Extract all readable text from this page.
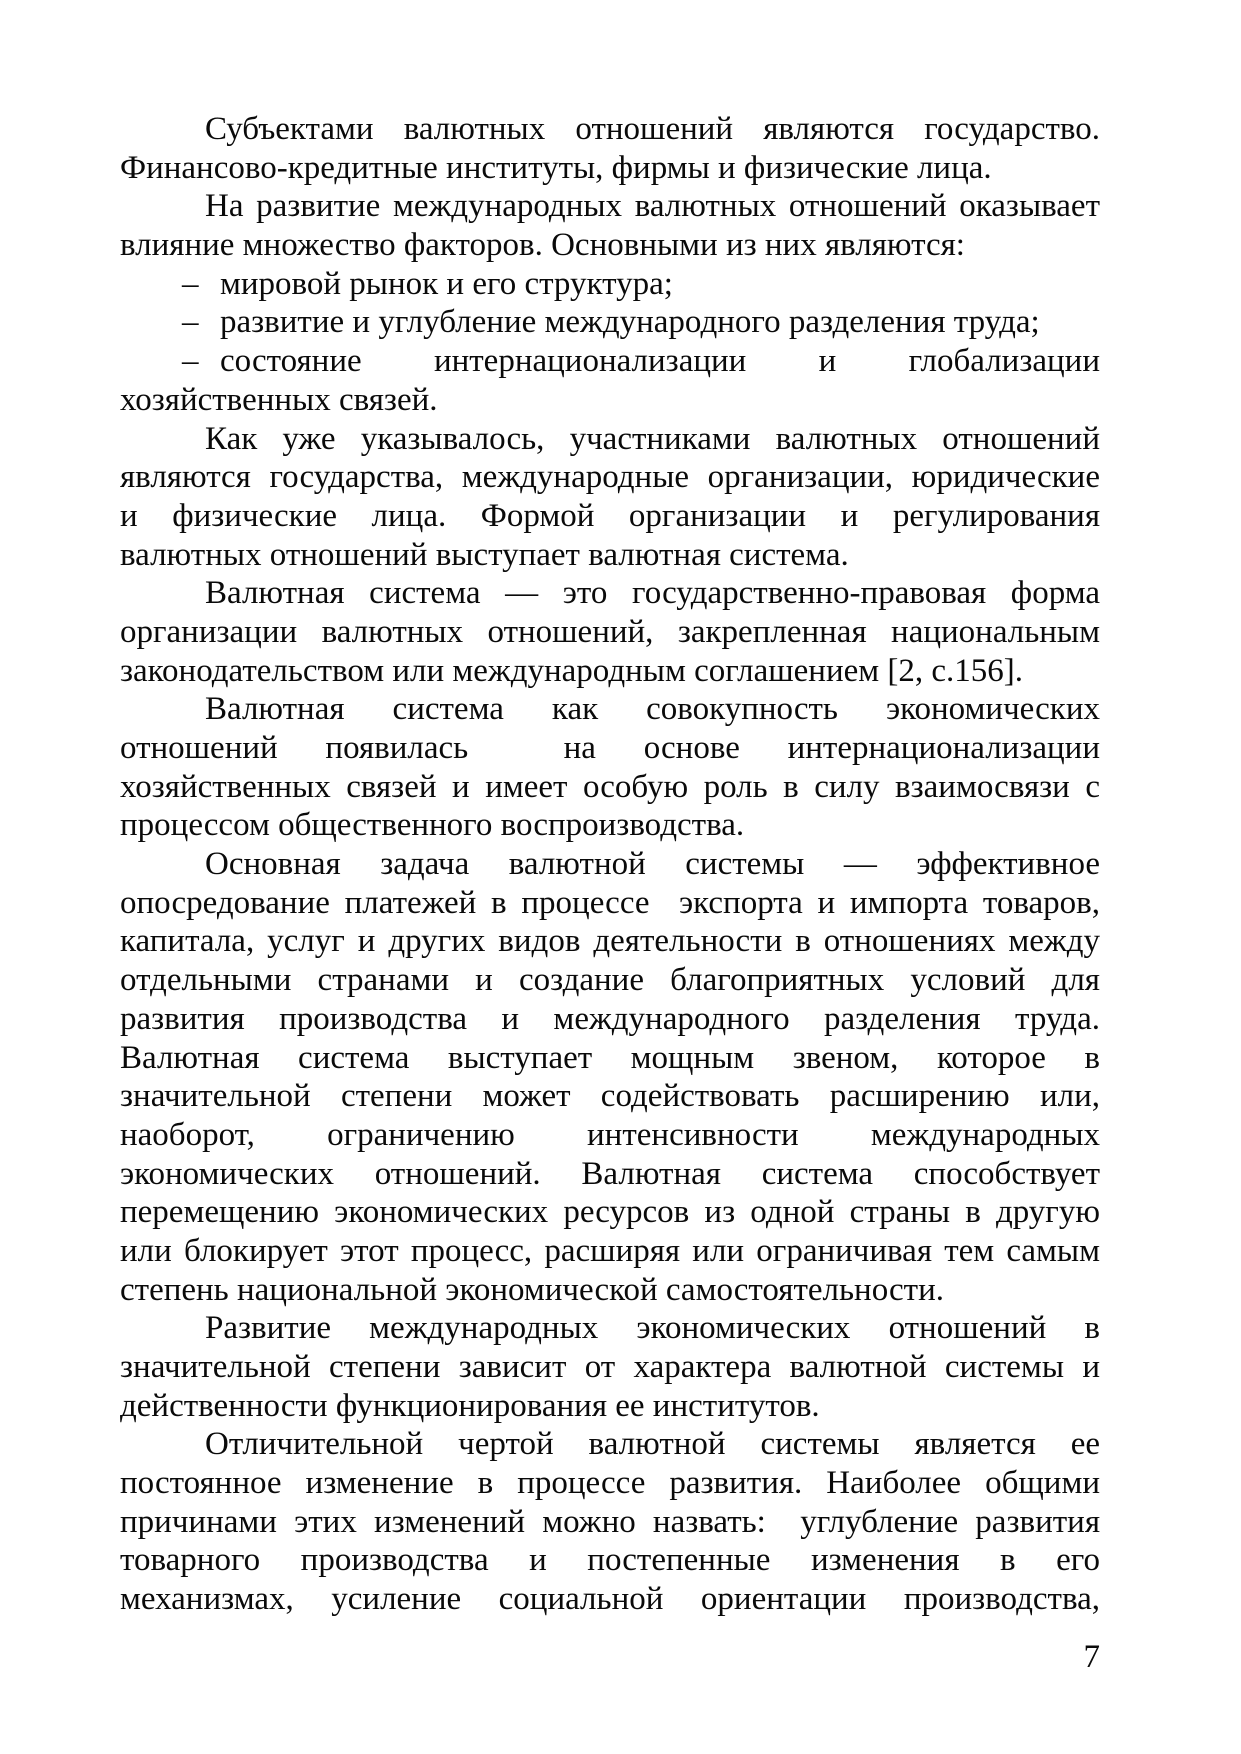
Субъектами валютных отношений являются государство.
Финансово-кредитные институты, фирмы и физические лица.
На развитие международных валютных отношений оказывает
влияние множество факторов. Основными из них являются:
– мировой рынок и его структура;
– развитие и углубление международного разделения труда;
– состояние интернационализации и глобализации
хозяйственных связей.
Как уже указывалось, участниками валютных отношений
являются государства, международные организации, юридические
и физические лица. Формой организации и регулирования
валютных отношений выступает валютная система.
Валютная система — это государственно-правовая форма
организации валютных отношений, закрепленная национальным
законодательством или международным соглашением [2, с.156].
Валютная система как совокупность экономических
отношений появилась  на основе интернационализации
хозяйственных связей и имеет особую роль в силу взаимосвязи с
процессом общественного воспроизводства.
Основная задача валютной системы — эффективное
опосредование платежей в процессе  экспорта и импорта товаров,
капитала, услуг и других видов деятельности в отношениях между
отдельными странами и создание благоприятных условий для
развития производства и международного разделения труда.
Валютная система выступает мощным звеном, которое в
значительной степени может содействовать расширению или,
наоборот, ограничению интенсивности международных
экономических отношений. Валютная система способствует
перемещению экономических ресурсов из одной страны в другую
или блокирует этот процесс, расширяя или ограничивая тем самым
степень национальной экономической самостоятельности.
Развитие международных экономических отношений в
значительной степени зависит от характера валютной системы и
действенности функционирования ее институтов.
Отличительной чертой валютной системы является ее
постоянное изменение в процессе развития. Наиболее общими
причинами этих изменений можно назвать:  углубление развития
товарного производства и постепенные изменения в его
механизмах, усиление социальной ориентации производства,
7
